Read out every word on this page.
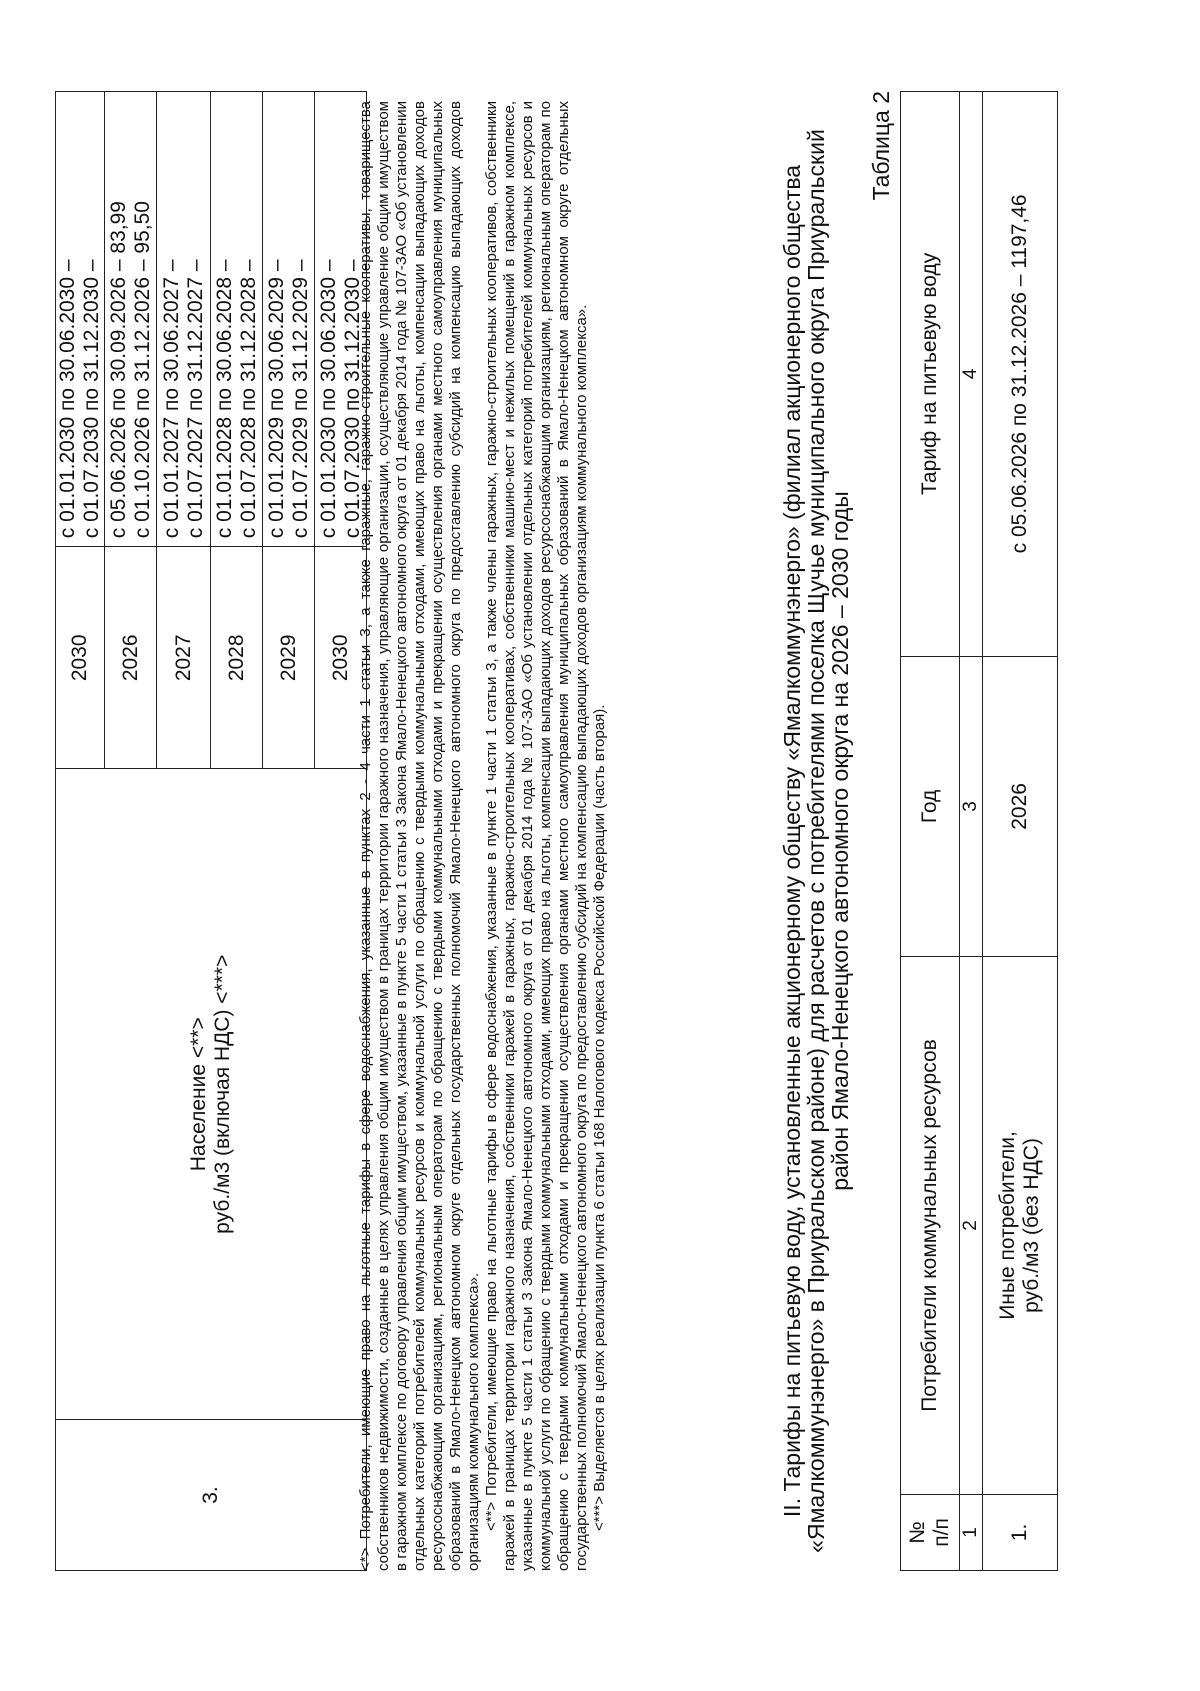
3.	Население <**> руб./м3 (включая НДС) <***>	2030	с 01.01.2030 по 30.06.2030 – с 01.07.2030 по 31.12.2030 –

		2026	с 05.06.2026 по 30.09.2026 – 83,99 с 01.10.2026 по 31.12.2026 – 95,50

		2027	с 01.01.2027 по 30.06.2027 – с 01.07.2027 по 31.12.2027 –

		2028	с 01.01.2028 по 30.06.2028 – с 01.07.2028 по 31.12.2028 –

		2029	с 01.01.2029 по 30.06.2029 – с 01.07.2029 по 31.12.2029 –

		2030	с 01.01.2030 по 30.06.2030 – с 01.07.2030 по 31.12.2030 –

<*> Потребители, имеющие право на льготные тарифы в сфере водоснабжения, указанные в пунктах 2 - 4 части 1 статьи 3, а также гаражные, гаражно-строительные кооперативы, товарищества собственников недвижимости, созданные в целях управления общим имуществом в границах территории гаражного назначения, управляющие организации, осуществляющие управление общим имуществом в гаражном комплексе по договору управления общим имуществом, указанные в пункте 5 части 1 статьи 3 Закона Ямало-Ненецкого автономного округа от 01 декабря 2014 года № 107-ЗАО «Об установлении отдельных категорий потребителей коммунальных ресурсов и коммунальной услуги по обращению с твердыми коммунальными отходами, имеющих право на льготы, компенсации выпадающих доходов ресурсоснабжающим организациям, региональным операторам по обращению с твердыми коммунальными отходами и прекращении осуществления органами местного самоуправления муниципальных образований в Ямало-Ненецком автономном округе отдельных государственных полномочий Ямало-Ненецкого автономного округа по предоставлению субсидий на компенсацию выпадающих доходов организациям коммунального комплекса». <**> Потребители, имеющие право на льготные тарифы в сфере водоснабжения, указанные в пункте 1 части 1 статьи 3, а также члены гаражных, гаражно-строительных кооперативов, собственники гаражей в границах территории гаражного назначения, собственники гаражей в гаражных, гаражно-строительных кооперативах, собственники машино-мест и нежилых помещений в гаражном комплексе, указанные в пункте 5 части 1 статьи 3 Закона Ямало-Ненецкого автономного округа от 01 декабря 2014 года № 107-ЗАО «Об установлении отдельных категорий потребителей коммунальных ресурсов и коммунальной услуги по обращению с твердыми коммунальными отходами, имеющих право на льготы, компенсации выпадающих доходов ресурсоснабжающим организациям, региональным операторам по обращению с твердыми коммунальными отходами и прекращении осуществления органами местного самоуправления муниципальных образований в Ямало-Ненецком автономном округе отдельных государственных полномочий Ямало-Ненецкого автономного округа по предоставлению субсидий на компенсацию выпадающих доходов организациям коммунального комплекса». <***> Выделяется в целях реализации пункта 6 статьи 168 Налогового кодекса Российской Федерации (часть вторая).	II. Тарифы на питьевую воду, установленные акционерному обществу «Ямалкоммунэнерго» (филиал акционерного общества
«Ямалкоммунэнерго» в Приуральском районе) для расчетов с потребителями поселка Щучье муниципального округа Приуральский
район Ямало-Ненецкого автономного округа на 2026 – 2030 годы
Таблица 2
№ п/п	Потребители коммунальных ресурсов	Год	Тариф на питьевую воду
1	2	3	4
1.	Иные потребители, руб./м3 (без НДС)	2026	с 05.06.2026 по 31.12.2026 – 1197,46
